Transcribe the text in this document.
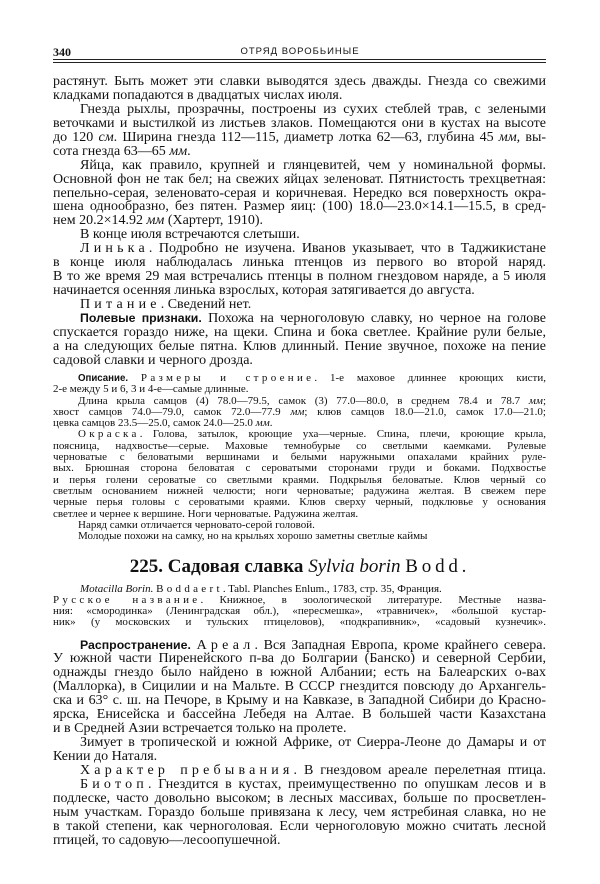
340	ОТРЯД ВОРОБЬИНЫЕ
растянут. Быть может эти славки выводятся здесь дважды. Гнезда со свежими
кладками попадаются в двадцатых числах июля.
Гнезда рыхлы, прозрачны, построены из сухих стеблей трав, с зелеными
веточками и выстилкой из листьев злаков. Помещаются они в кустах на высоте
до 120 см. Ширина гнезда 112—115, диаметр лотка 62—63, глубина 45 мм, вы-
сота гнезда 63—65 мм.
Яйца, как правило, крупней и глянцевитей, чем у номинальной формы.
Основной фон не так бел; на свежих яйцах зеленоват. Пятнистость трехцветная:
пепельно-серая, зеленовато-серая и коричневая. Нередко вся поверхность окра-
шена однообразно, без пятен. Размер яиц: (100) 18.0—23.0×14.1—15.5, в сред-
нем 20.2×14.92 мм (Хартерт, 1910).
В конце июля встречаются слетыши.
Линька. Подробно не изучена. Иванов указывает, что в Таджикистане
в конце июля наблюдалась линька птенцов из первого во второй наряд.
В то же время 29 мая встречались птенцы в полном гнездовом наряде, а 5 июля
начинается осенняя линька взрослых, которая затягивается до августа.
Питание. Сведений нет.
Полевые признаки. Похожа на черноголовую славку, но черное на голове
спускается гораздо ниже, на щеки. Спина и бока светлее. Крайние рули белые,
а на следующих белые пятна. Клюв длинный. Пение звучное, похоже на пение
садовой славки и черного дрозда.
Описание. Размеры и строение. 1-е маховое длиннее кроющих кисти,
2-е между 5 и 6, 3 и 4-е—самые длинные.
Длина крыла самцов (4) 78.0—79.5, самок (3) 77.0—80.0, в среднем 78.4 и 78.7 мм;
хвост самцов 74.0—79.0, самок 72.0—77.9 мм; клюв самцов 18.0—21.0, самок 17.0—21.0;
цевка самцов 23.5—25.0, самок 24.0—25.0 мм.
Окраска. Голова, затылок, кроющие уха—черные. Спина, плечи, кроющие крыла,
поясница, надхвостье—серые. Маховые темнобурые со светлыми каемками. Рулевые
черноватые с беловатыми вершинами и белыми наружными опахалами крайних руле-
вых. Брюшная сторона беловатая с сероватыми сторонами груди и боками. Подхвостье
и перья голени сероватые со светлыми краями. Подкрылья беловатые. Клюв черный со
светлым основанием нижней челюсти; ноги черноватые; радужина желтая. В свежем пере
черные перья головы с сероватыми краями. Клюв сверху черный, подклювье у основания
светлее и чернее к вершине. Ноги черноватые. Радужина желтая.
Наряд самки отличается черновато-серой головой.
Молодые похожи на самку, но на крыльях хорошо заметны светлые каймы
225. Садовая славка Sylvia borin Bodd.
Motacilla Borin. Boddaert. Tabl. Planches Enlum., 1783, стр. 35, Франция.
Русское название. Книжное, в зоологической литературе. Местные назва-
ния: «смородинка» (Ленинградская обл.), «пересмешка», «травничек», «большой кустар-
ник» (у московских и тульских птицеловов), «подкрапивник», «садовый кузнечик».
Распространение. Ареал. Вся Западная Европа, кроме крайнего севера.
У южной части Пиренейского п-ва до Болгарии (Банско) и северной Сербии,
однажды гнездо было найдено в южной Албании; есть на Балеарских о-вах
(Маллорка), в Сицилии и на Мальте. В СССР гнездится повсюду до Архангель-
ска и 63° с. ш. на Печоре, в Крыму и на Кавказе, в Западной Сибири до Красно-
ярска, Енисейска и бассейна Лебедя на Алтае. В большей части Казахстана
и в Средней Азии встречается только на пролете.
Зимует в тропической и южной Африке, от Сиерра-Леоне до Дамары и от
Кении до Наталя.
Характер пребывания. В гнездовом ареале перелетная птица.
Биотоп. Гнездится в кустах, преимущественно по опушкам лесов и в
подлеске, часто довольно высоком; в лесных массивах, больше по просветлен-
ным участкам. Гораздо больше привязана к лесу, чем ястребиная славка, но не
в такой степени, как черноголовая. Если черноголовую можно считать лесной
птицей, то садовую—лесоопушечной.
